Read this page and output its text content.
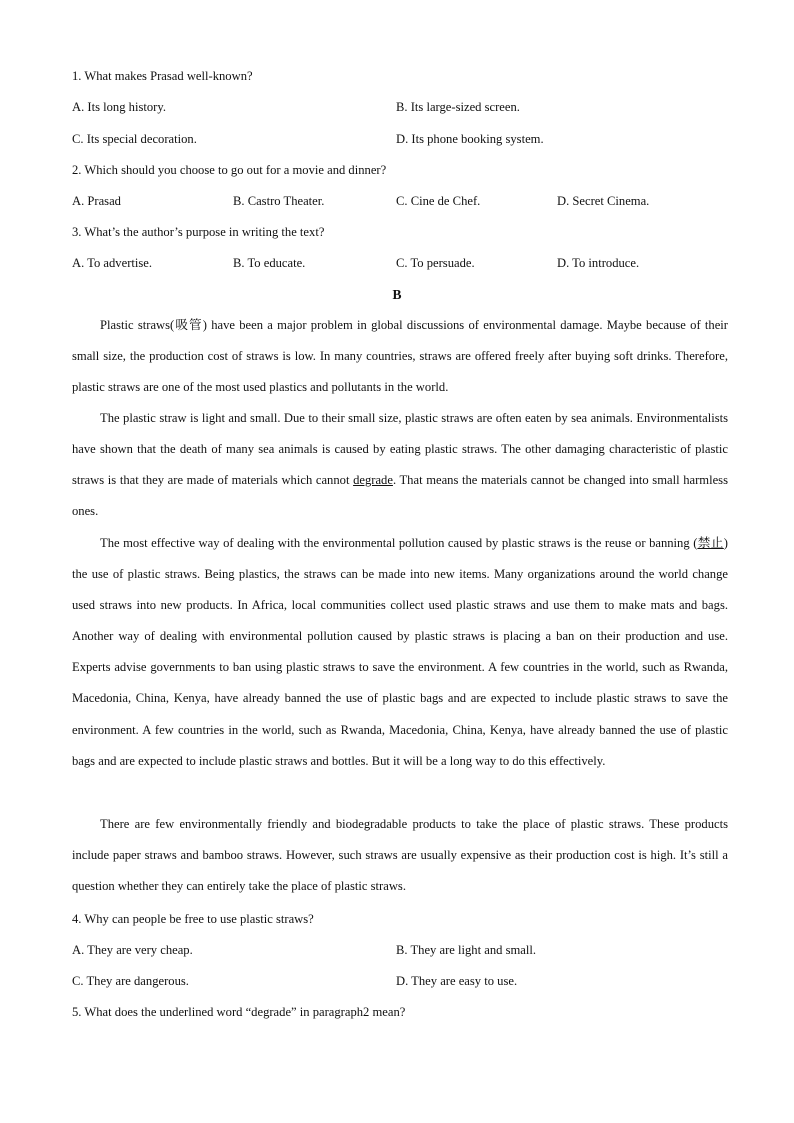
1. What makes Prasad well-known?
A. Its long history.	B. Its large-sized screen.
C. Its special decoration.	D. Its phone booking system.
2. Which should you choose to go out for a movie and dinner?
A. Prasad	B. Castro Theater.	C. Cine de Chef.	D. Secret Cinema.
3. What’s the author’s purpose in writing the text?
A. To advertise.	B. To educate.	C. To persuade.	D. To introduce.
B

Plastic straws(吸管) have been a major problem in global discussions of environmental damage. Maybe because of their small size, the production cost of straws is low. In many countries, straws are offered freely after buying soft drinks. Therefore, plastic straws are one of the most used plastics and pollutants in the world.

The plastic straw is light and small. Due to their small size, plastic straws are often eaten by sea animals. Environmentalists have shown that the death of many sea animals is caused by eating plastic straws. The other damaging characteristic of plastic straws is that they are made of materials which cannot degrade. That means the materials cannot be changed into small harmless ones.

The most effective way of dealing with the environmental pollution caused by plastic straws is the reuse or banning (禁止) the use of plastic straws. Being plastics, the straws can be made into new items. Many organizations around the world change used straws into new products. In Africa, local communities collect used plastic straws and use them to make mats and bags. Another way of dealing with environmental pollution caused by plastic straws is placing a ban on their production and use. Experts advise governments to ban using plastic straws to save the environment. A few countries in the world, such as Rwanda, Macedonia, China, Kenya, have already banned the use of plastic bags and are expected to include plastic straws to save the environment. A few countries in the world, such as Rwanda, Macedonia, China, Kenya, have already banned the use of plastic bags and are expected to include plastic straws and bottles. But it will be a long way to do this effectively.

There are few environmentally friendly and biodegradable products to take the place of plastic straws. These products include paper straws and bamboo straws. However, such straws are usually expensive as their production cost is high. It’s still a question whether they can entirely take the place of plastic straws.

4. Why can people be free to use plastic straws?
A. They are very cheap.	B. They are light and small.
C. They are dangerous.	D. They are easy to use.
5. What does the underlined word “degrade” in paragraph2 mean?
